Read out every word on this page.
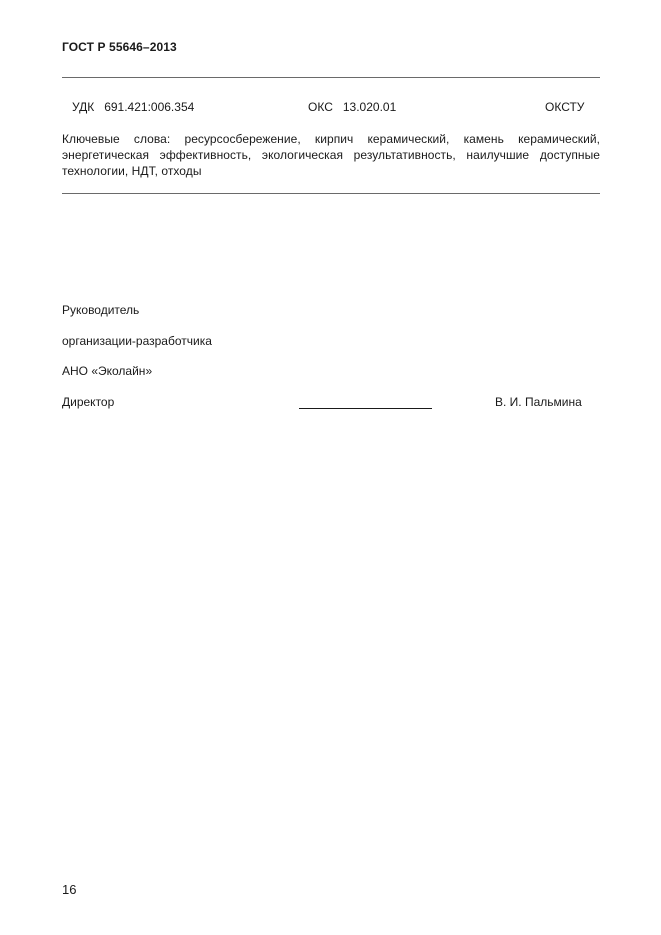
ГОСТ Р 55646–2013
УДК 691.421:006.354	ОКС 13.020.01	ОКСТУ
Ключевые слова: ресурсосбережение, кирпич керамический, камень керамический, энергетическая эффективность, экологическая результативность, наилучшие доступные технологии, НДТ, отходы
Руководитель
организации-разработчика
АНО «Эколайн»
Директор	В. И. Пальмина
16
